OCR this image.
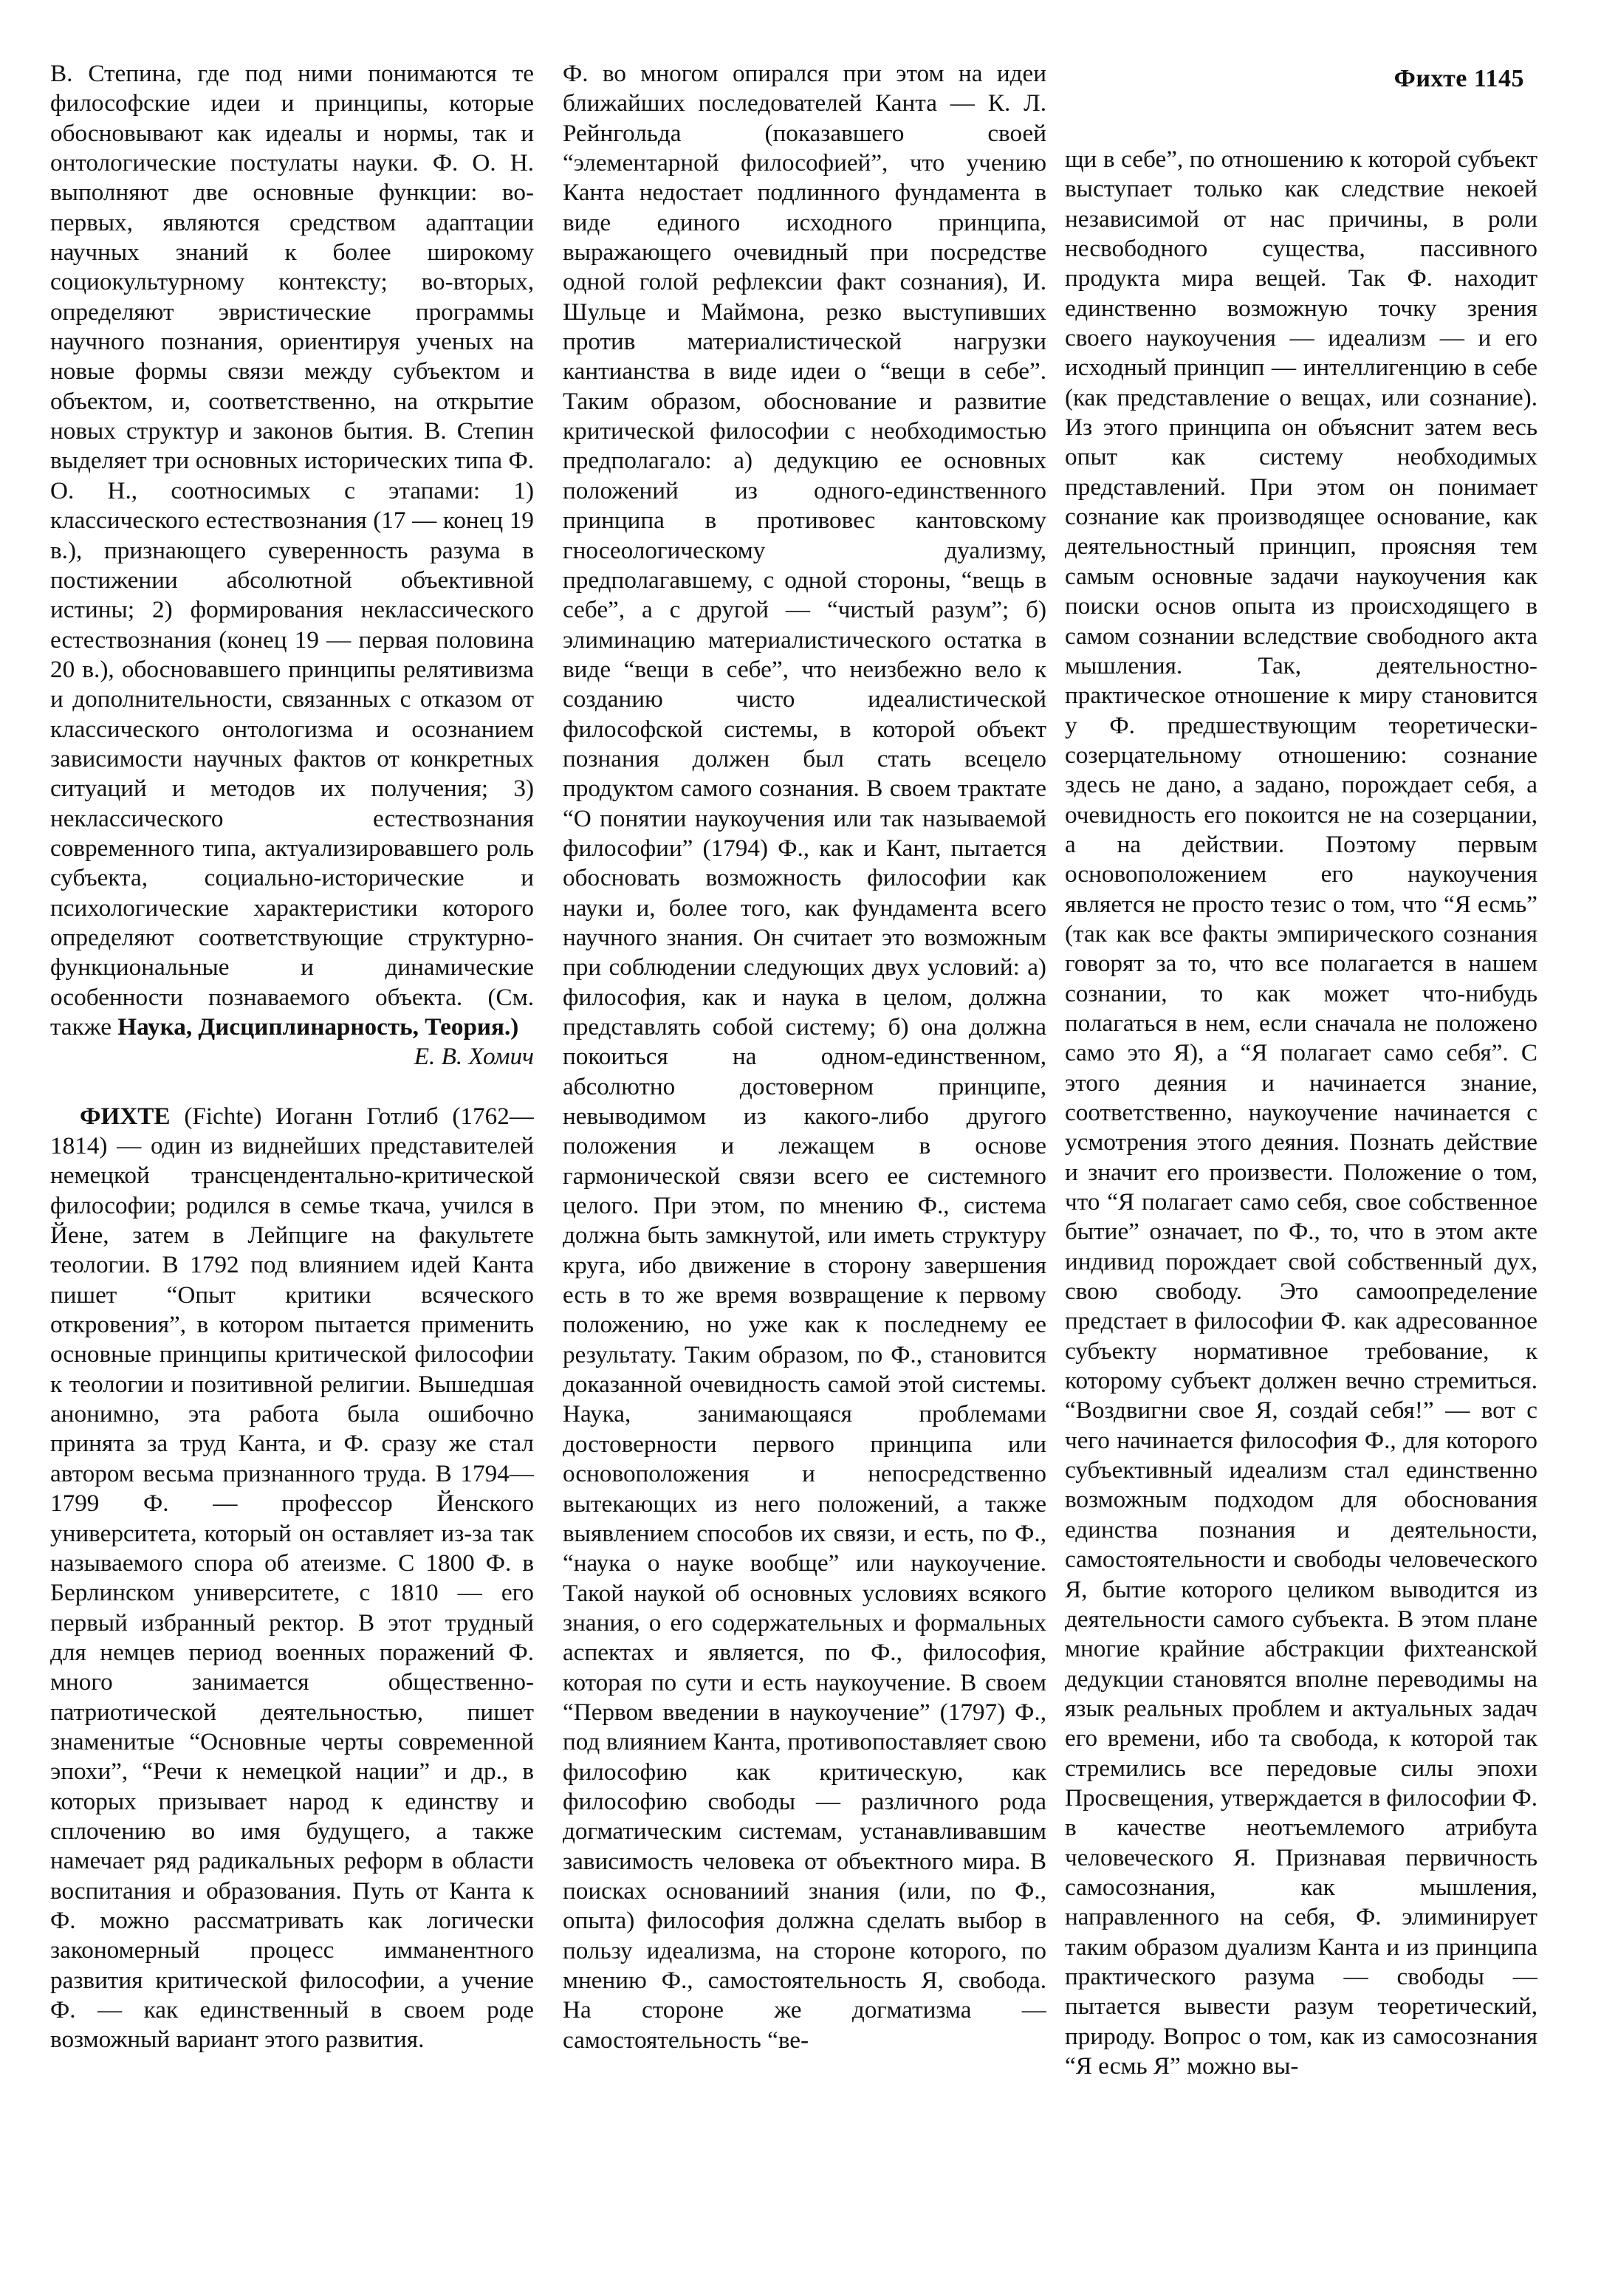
Фихте 1145

В. Степина, где под ними понимаются те философские идеи и принципы, которые обосновывают как идеалы и нормы, так и онтологические постулаты науки. Ф. О. Н. выполняют две основные функции: во-первых, являются средством адаптации научных знаний к более широкому социокультурному контексту; во-вторых, определяют эвристические программы научного познания, ориентируя ученых на новые формы связи между субъектом и объектом, и, соответственно, на открытие новых структур и законов бытия. В. Степин выделяет три основных исторических типа Ф. О. Н., соотносимых с этапами: 1) классического естествознания (17 — конец 19 в.), признающего суверенность разума в постижении абсолютной объективной истины; 2) формирования неклассического естествознания (конец 19 — первая половина 20 в.), обосновавшего принципы релятивизма и дополнительности, связанных с отказом от классического онтологизма и осознанием зависимости научных фактов от конкретных ситуаций и методов их получения; 3) неклассического естествознания современного типа, актуализировавшего роль субъекта, социально-исторические и психологические характеристики которого определяют соответствующие структурно-функциональные и динамические особенности познаваемого объекта. (См. также Наука, Дисциплинарность, Теория.)

Е. В. Хомич

ФИХТЕ (Fichte) Иоганн Готлиб (1762—1814) — один из виднейших представителей немецкой трансцендентально-критической философии; родился в семье ткача, учился в Йене, затем в Лейпциге на факультете теологии. В 1792 под влиянием идей Канта пишет “Опыт критики всяческого откровения”, в котором пытается применить основные принципы критической философии к теологии и позитивной религии. Вышедшая анонимно, эта работа была ошибочно принята за труд Канта, и Ф. сразу же стал автором весьма признанного труда. В 1794—1799 Ф. — профессор Йенского университета, который он оставляет из-за так называемого спора об атеизме. С 1800 Ф. в Берлинском университете, с 1810 — его первый избранный ректор. В этот трудный для немцев период военных поражений Ф. много занимается общественно-патриотической деятельностью, пишет знаменитые “Основные черты современной эпохи”, “Речи к немецкой нации” и др., в которых призывает народ к единству и сплочению во имя будущего, а также намечает ряд радикальных реформ в области воспитания и образования. Путь от Канта к Ф. можно рассматривать как логически закономерный процесс имманентного развития критической философии, а учение Ф. — как единственный в своем роде возможный вариант этого развития.

Ф. во многом опирался при этом на идеи ближайших последователей Канта — К. Л. Рейнгольда (показавшего своей “элементарной философией”, что учению Канта недостает подлинного фундамента в виде единого исходного принципа, выражающего очевидный при посредстве одной голой рефлексии факт сознания), И. Шульце и Маймона, резко выступивших против материалистической нагрузки кантианства в виде идеи о “вещи в себе”. Таким образом, обоснование и развитие критической философии с необходимостью предполагало: а) дедукцию ее основных положений из одного-единственного принципа в противовес кантовскому гносеологическому дуализму, предполагавшему, с одной стороны, “вещь в себе”, а с другой — “чистый разум”; б) элиминацию материалистического остатка в виде “вещи в себе”, что неизбежно вело к созданию чисто идеалистической философской системы, в которой объект познания должен был стать всецело продуктом самого сознания. В своем трактате “О понятии наукоучения или так называемой философии” (1794) Ф., как и Кант, пытается обосновать возможность философии как науки и, более того, как фундамента всего научного знания. Он считает это возможным при соблюдении следующих двух условий: а) философия, как и наука в целом, должна представлять собой систему; б) она должна покоиться на одном-единственном, абсолютно достоверном принципе, невыводимом из какого-либо другого положения и лежащем в основе гармонической связи всего ее системного целого. При этом, по мнению Ф., система должна быть замкнутой, или иметь структуру круга, ибо движение в сторону завершения есть в то же время возвращение к первому положению, но уже как к последнему ее результату. Таким образом, по Ф., становится доказанной очевидность самой этой системы. Наука, занимающаяся проблемами достоверности первого принципа или основоположения и непосредственно вытекающих из него положений, а также выявлением способов их связи, и есть, по Ф., “наука о науке вообще” или наукоучение. Такой наукой об основных условиях всякого знания, о его содержательных и формальных аспектах и является, по Ф., философия, которая по сути и есть наукоучение. В своем “Первом введении в наукоучение” (1797) Ф., под влиянием Канта, противопоставляет свою философию как критическую, как философию свободы — различного рода догматическим системам, устанавливавшим зависимость человека от объектного мира. В поисках основаниий знания (или, по Ф., опыта) философия должна сделать выбор в пользу идеализма, на стороне которого, по мнению Ф., самостоятельность Я, свобода. На стороне же догматизма — самостоятельность “ве-

щи в себе”, по отношению к которой субъект выступает только как следствие некоей независимой от нас причины, в роли несвободного существа, пассивного продукта мира вещей. Так Ф. находит единственно возможную точку зрения своего наукоучения — идеализм — и его исходный принцип — интеллигенцию в себе (как представление о вещах, или сознание). Из этого принципа он объяснит затем весь опыт как систему необходимых представлений. При этом он понимает сознание как производящее основание, как деятельностный принцип, проясняя тем самым основные задачи наукоучения как поиски основ опыта из происходящего в самом сознании вследствие свободного акта мышления. Так, деятельностно-практическое отношение к миру становится у Ф. предшествующим теоретически-созерцательному отношению: сознание здесь не дано, а задано, порождает себя, а очевидность его покоится не на созерцании, а на действии. Поэтому первым основоположением его наукоучения является не просто тезис о том, что “Я есмь” (так как все факты эмпирического сознания говорят за то, что все полагается в нашем сознании, то как может что-нибудь полагаться в нем, если сначала не положено само это Я), а “Я полагает само себя”. С этого деяния и начинается знание, соответственно, наукоучение начинается с усмотрения этого деяния. Познать действие и значит его произвести. Положение о том, что “Я полагает само себя, свое собственное бытие” означает, по Ф., то, что в этом акте индивид порождает свой собственный дух, свою свободу. Это самоопределение предстает в философии Ф. как адресованное субъекту нормативное требование, к которому субъект должен вечно стремиться. “Воздвигни свое Я, создай себя!” — вот с чего начинается философия Ф., для которого субъективный идеализм стал единственно возможным подходом для обоснования единства познания и деятельности, самостоятельности и свободы человеческого Я, бытие которого целиком выводится из деятельности самого субъекта. В этом плане многие крайние абстракции фихтеанской дедукции становятся вполне переводимы на язык реальных проблем и актуальных задач его времени, ибо та свобода, к которой так стремились все передовые силы эпохи Просвещения, утверждается в философии Ф. в качестве неотъемлемого атрибута человеческого Я. Признавая первичность самосознания, как мышления, направленного на себя, Ф. элиминирует таким образом дуализм Канта и из принципа практического разума — свободы — пытается вывести разум теоретический, природу. Вопрос о том, как из самосознания “Я есмь Я” можно вы-
